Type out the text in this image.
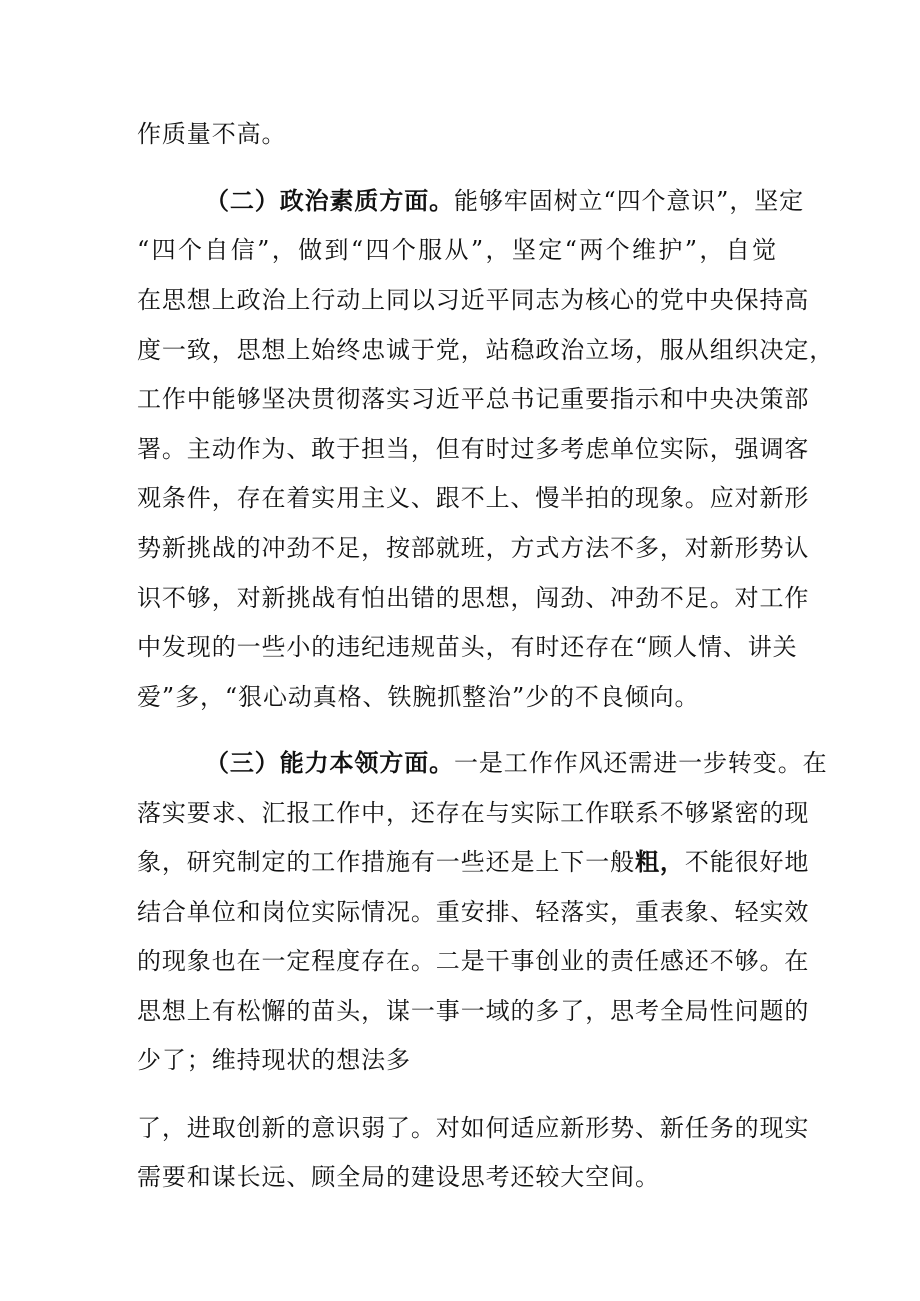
作质量不高。
（二）政治素质方面。能够牢固树立“四个意识”，坚定
“四个自信”，做到“四个服从”，坚定“两个维护”，自觉
在思想上政治上行动上同以习近平同志为核心的党中央保持高
度一致，思想上始终忠诚于党，站稳政治立场，服从组织决定，
工作中能够坚决贯彻落实习近平总书记重要指示和中央决策部
署。主动作为、敢于担当，但有时过多考虑单位实际，强调客
观条件，存在着实用主义、跟不上、慢半拍的现象。应对新形
势新挑战的冲劲不足，按部就班，方式方法不多，对新形势认
识不够，对新挑战有怕出错的思想，闯劲、冲劲不足。对工作
中发现的一些小的违纪违规苗头，有时还存在“顾人情、讲关
爱”多，“狠心动真格、铁腕抓整治”少的不良倾向。
（三）能力本领方面。一是工作作风还需进一步转变。在
落实要求、汇报工作中，还存在与实际工作联系不够紧密的现
象，研究制定的工作措施有一些还是上下一般粗，不能很好地
结合单位和岗位实际情况。重安排、轻落实，重表象、轻实效
的现象也在一定程度存在。二是干事创业的责任感还不够。在
思想上有松懈的苗头，谋一事一域的多了，思考全局性问题的
少了；维持现状的想法多
了，进取创新的意识弱了。对如何适应新形势、新任务的现实
需要和谋长远、顾全局的建设思考还较大空间。
